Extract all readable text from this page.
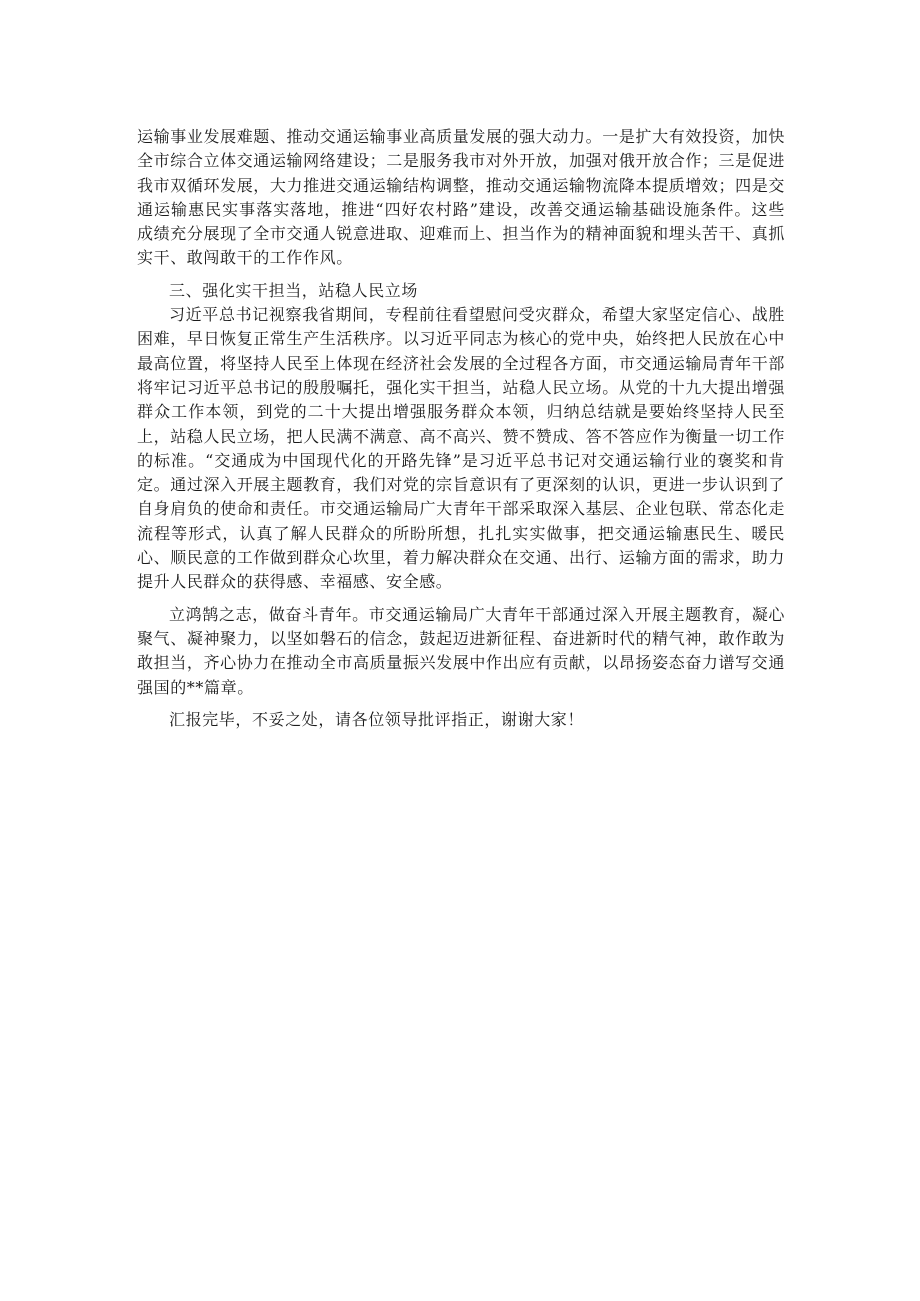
运输事业发展难题、推动交通运输事业高质量发展的强大动力。一是扩大有效投资，加快全市综合立体交通运输网络建设；二是服务我市对外开放，加强对俄开放合作；三是促进我市双循环发展，大力推进交通运输结构调整，推动交通运输物流降本提质增效；四是交通运输惠民实事落实落地，推进“四好农村路”建设，改善交通运输基础设施条件。这些成绩充分展现了全市交通人锐意进取、迎难而上、担当作为的精神面貌和埋头苦干、真抓实干、敢闯敢干的工作作风。

三、强化实干担当，站稳人民立场

习近平总书记视察我省期间，专程前往看望慰问受灾群众，希望大家坚定信心、战胜困难，早日恢复正常生产生活秩序。以习近平同志为核心的党中央，始终把人民放在心中最高位置，将坚持人民至上体现在经济社会发展的全过程各方面，市交通运输局青年干部将牢记习近平总书记的殷殷嘱托，强化实干担当，站稳人民立场。从党的十九大提出增强群众工作本领，到党的二十大提出增强服务群众本领，归纳总结就是要始终坚持人民至上，站稳人民立场，把人民满不满意、高不高兴、赞不赞成、答不答应作为衡量一切工作的标准。“交通成为中国现代化的开路先锋”是习近平总书记对交通运输行业的褒奖和肯定。通过深入开展主题教育，我们对党的宗旨意识有了更深刻的认识，更进一步认识到了自身肩负的使命和责任。市交通运输局广大青年干部采取深入基层、企业包联、常态化走流程等形式，认真了解人民群众的所盼所想，扎扎实实做事，把交通运输惠民生、暖民心、顺民意的工作做到群众心坎里，着力解决群众在交通、出行、运输方面的需求，助力提升人民群众的获得感、幸福感、安全感。

立鸿鹄之志，做奋斗青年。市交通运输局广大青年干部通过深入开展主题教育，凝心聚气、凝神聚力，以坚如磐石的信念，鼓起迈进新征程、奋进新时代的精气神，敢作敢为敢担当，齐心协力在推动全市高质量振兴发展中作出应有贡献，以昂扬姿态奋力谱写交通强国的**篇章。

汇报完毕，不妥之处，请各位领导批评指正，谢谢大家！
